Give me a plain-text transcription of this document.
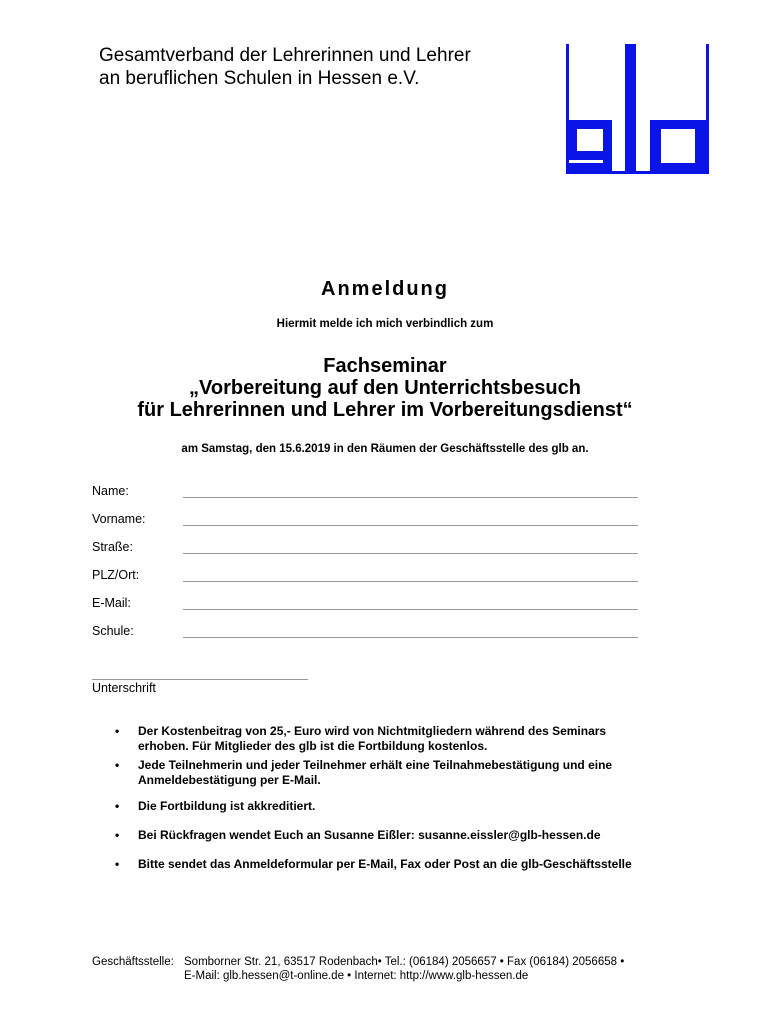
Gesamtverband der Lehrerinnen und Lehrer
an beruflichen Schulen in Hessen e.V.
Anmeldung
Hiermit melde ich mich verbindlich zum
Fachseminar
„Vorbereitung auf den Unterrichtsbesuch
für Lehrerinnen und Lehrer im Vorbereitungsdienst“
am Samstag, den 15.6.2019 in den Räumen der Geschäftsstelle des glb an.
Name:
Vorname:
Straße:
PLZ/Ort:
E-Mail:
Schule:
Unterschrift
• Der Kostenbeitrag von 25,- Euro wird von Nichtmitgliedern während des Seminars
erhoben. Für Mitglieder des glb ist die Fortbildung kostenlos.
• Jede Teilnehmerin und jeder Teilnehmer erhält eine Teilnahmebestätigung und eine
Anmeldebestätigung per E-Mail.
• Die Fortbildung ist akkreditiert.
• Bei Rückfragen wendet Euch an Susanne Eißler: susanne.eissler@glb-hessen.de
• Bitte sendet das Anmeldeformular per E-Mail, Fax oder Post an die glb-Geschäftsstelle
Geschäftsstelle: Somborner Str. 21, 63517 Rodenbach• Tel.: (06184) 2056657 • Fax (06184) 2056658 •
E-Mail: glb.hessen@t-online.de • Internet: http://www.glb-hessen.de
